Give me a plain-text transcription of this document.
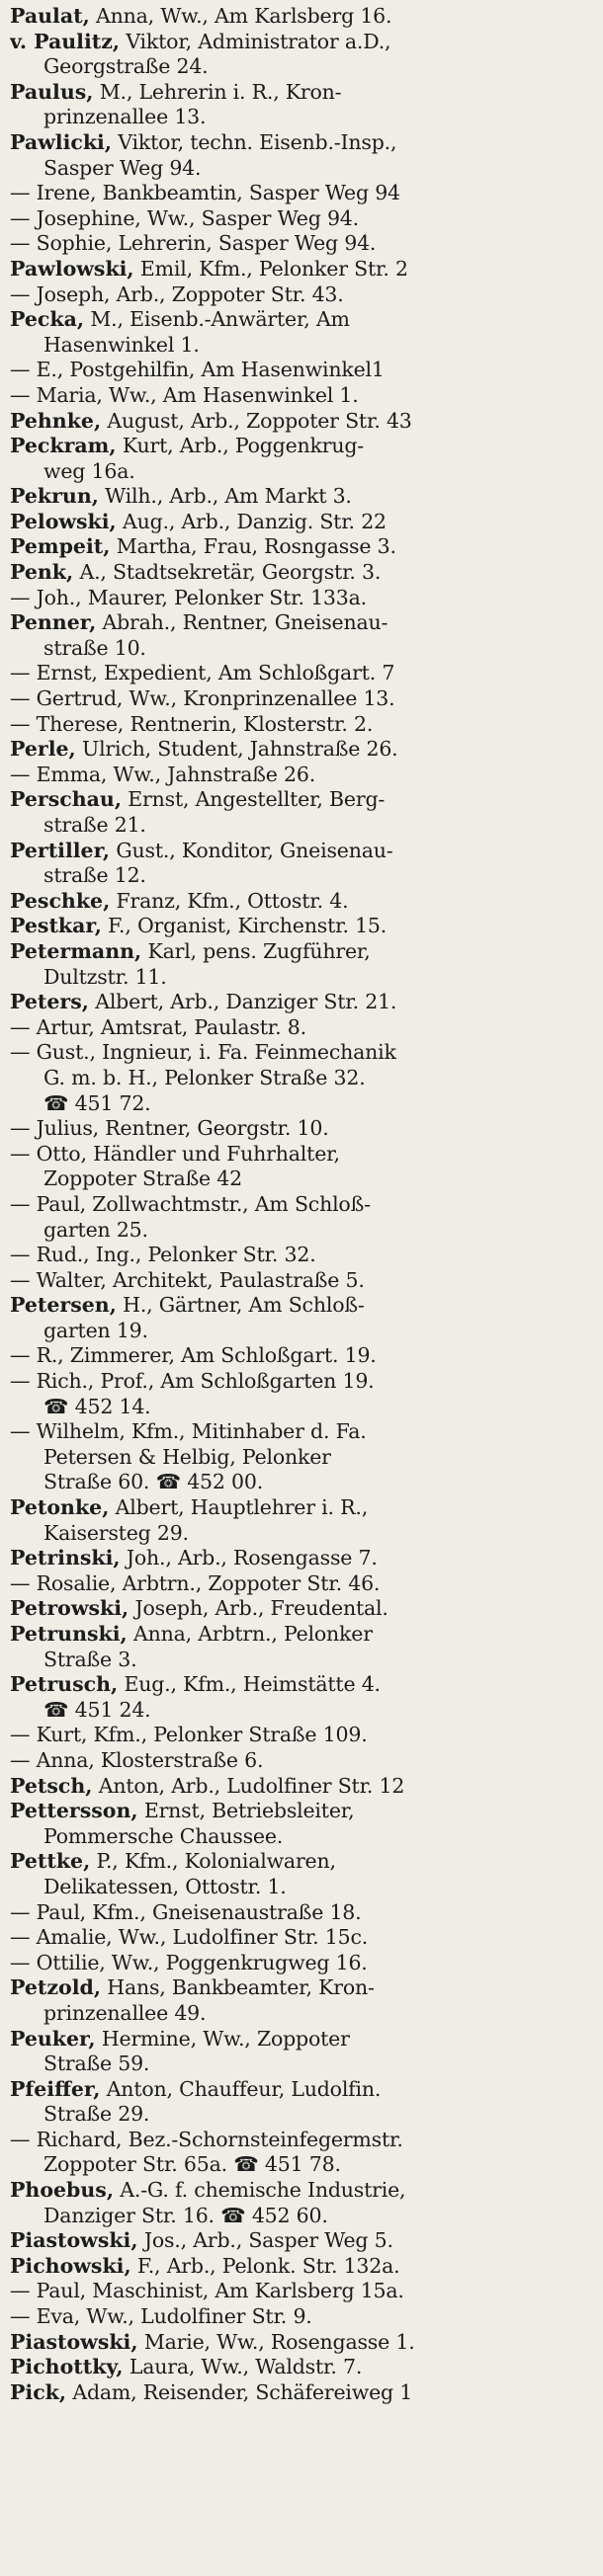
Paulat, Anna, Ww., Am Karlsberg 16.
v. Paulitz, Viktor, Administrator a.D.,
Georgstraße 24.
Paulus, M., Lehrerin i. R., Kron-
prinzenallee 13.
Pawlicki, Viktor, techn. Eisenb.-Insp.,
Sasper Weg 94.
— Irene, Bankbeamtin, Sasper Weg 94
— Josephine, Ww., Sasper Weg 94.
— Sophie, Lehrerin, Sasper Weg 94.
Pawlowski, Emil, Kfm., Pelonker Str. 2
— Joseph, Arb., Zoppoter Str. 43.
Pecka, M., Eisenb.-Anwärter, Am
Hasenwinkel 1.
— E., Postgehilfin, Am Hasenwinkel1
— Maria, Ww., Am Hasenwinkel 1.
Pehnke, August, Arb., Zoppoter Str. 43
Peckram, Kurt, Arb., Poggenkrug-
weg 16a.
Pekrun, Wilh., Arb., Am Markt 3.
Pelowski, Aug., Arb., Danzig. Str. 22
Pempeit, Martha, Frau, Rosngasse 3.
Penk, A., Stadtsekretär, Georgstr. 3.
— Joh., Maurer, Pelonker Str. 133a.
Penner, Abrah., Rentner, Gneisenau-
straße 10.
— Ernst, Expedient, Am Schloßgart. 7
— Gertrud, Ww., Kronprinzenallee 13.
— Therese, Rentnerin, Klosterstr. 2.
Perle, Ulrich, Student, Jahnstraße 26.
— Emma, Ww., Jahnstraße 26.
Perschau, Ernst, Angestellter, Berg-
straße 21.
Pertiller, Gust., Konditor, Gneisenau-
straße 12.
Peschke, Franz, Kfm., Ottostr. 4.
Pestkar, F., Organist, Kirchenstr. 15.
Petermann, Karl, pens. Zugführer,
Dultzstr. 11.
Peters, Albert, Arb., Danziger Str. 21.
— Artur, Amtsrat, Paulastr. 8.
— Gust., Ingnieur, i. Fa. Feinmechanik
G. m. b. H., Pelonker Straße 32.
☎ 451 72.
— Julius, Rentner, Georgstr. 10.
— Otto, Händler und Fuhrhalter,
Zoppoter Straße 42
— Paul, Zollwachtmstr., Am Schloß-
garten 25.
— Rud., Ing., Pelonker Str. 32.
— Walter, Architekt, Paulastraße 5.
Petersen, H., Gärtner, Am Schloß-
garten 19.
— R., Zimmerer, Am Schloßgart. 19.
— Rich., Prof., Am Schloßgarten 19.
☎ 452 14.
— Wilhelm, Kfm., Mitinhaber d. Fa.
Petersen & Helbig, Pelonker
Straße 60. ☎ 452 00.
Petonke, Albert, Hauptlehrer i. R.,
Kaisersteg 29.
Petrinski, Joh., Arb., Rosengasse 7.
— Rosalie, Arbtrn., Zoppoter Str. 46.
Petrowski, Joseph, Arb., Freudental.
Petrunski, Anna, Arbtrn., Pelonker
Straße 3.
Petrusch, Eug., Kfm., Heimstätte 4.
☎ 451 24.
— Kurt, Kfm., Pelonker Straße 109.
— Anna, Klosterstraße 6.
Petsch, Anton, Arb., Ludolfiner Str. 12
Pettersson, Ernst, Betriebsleiter,
Pommersche Chaussee.
Pettke, P., Kfm., Kolonialwaren,
Delikatessen, Ottostr. 1.
— Paul, Kfm., Gneisenaustraße 18.
— Amalie, Ww., Ludolfiner Str. 15c.
— Ottilie, Ww., Poggenkrugweg 16.
Petzold, Hans, Bankbeamter, Kron-
prinzenallee 49.
Peuker, Hermine, Ww., Zoppoter
Straße 59.
Pfeiffer, Anton, Chauffeur, Ludolfin.
Straße 29.
— Richard, Bez.-Schornsteinfegermstr.
Zoppoter Str. 65a. ☎ 451 78.
Phoebus, A.-G. f. chemische Industrie,
Danziger Str. 16. ☎ 452 60.
Piastowski, Jos., Arb., Sasper Weg 5.
Pichowski, F., Arb., Pelonk. Str. 132a.
— Paul, Maschinist, Am Karlsberg 15a.
— Eva, Ww., Ludolfiner Str. 9.
Piastowski, Marie, Ww., Rosengasse 1.
Pichottky, Laura, Ww., Waldstr. 7.
Pick, Adam, Reisender, Schäfereiweg 1
